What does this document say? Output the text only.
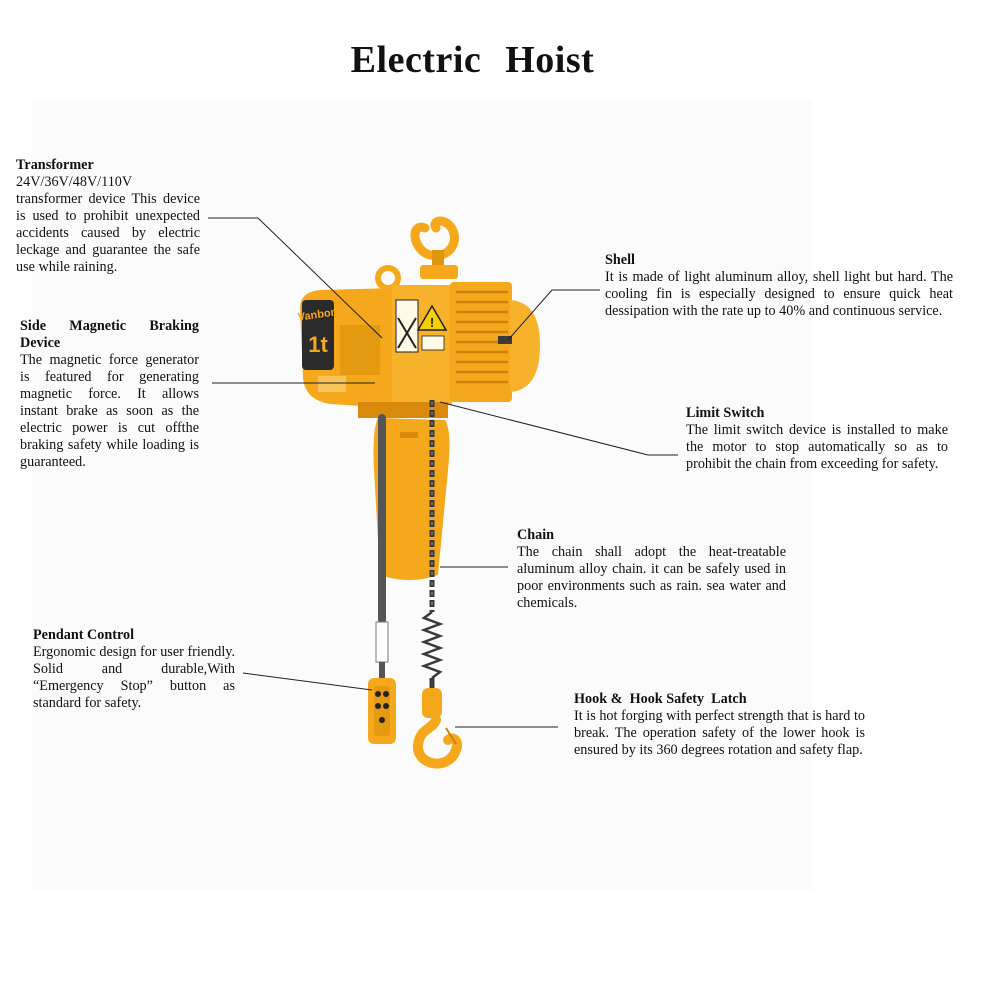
Electric Hoist
Vanbon
1t
!
Transformer
24V/36V/48V/110V
transformer device This device is used to prohibit unexpected accidents caused by electric leckage and guarantee the safe use while raining.
Side Magnetic Braking Device
The magnetic force generator is featured for generating magnetic force. It allows instant brake as soon as the electric power is cut offthe braking safety while loading is guaranteed.
Shell
It is made of light aluminum alloy, shell light but hard. The cooling fin is especially designed to ensure quick heat dessipation with the rate up to 40% and continuous service.
Limit Switch
The limit switch device is installed to make the motor to stop automatically so as to prohibit the chain from exceeding for safety.
Chain
The chain shall adopt the heat-treatable aluminum alloy chain. it can be safely used in poor environments such as rain. sea water and chemicals.
Pendant Control
Ergonomic design for user friendly. Solid and durable,With “Emergency Stop” button as standard for safety.	Hook &  Hook Safety  Latch
It is hot forging with perfect strength that is hard to break. The operation safety of the lower hook is ensured by its 360 degrees rotation and safety flap.
